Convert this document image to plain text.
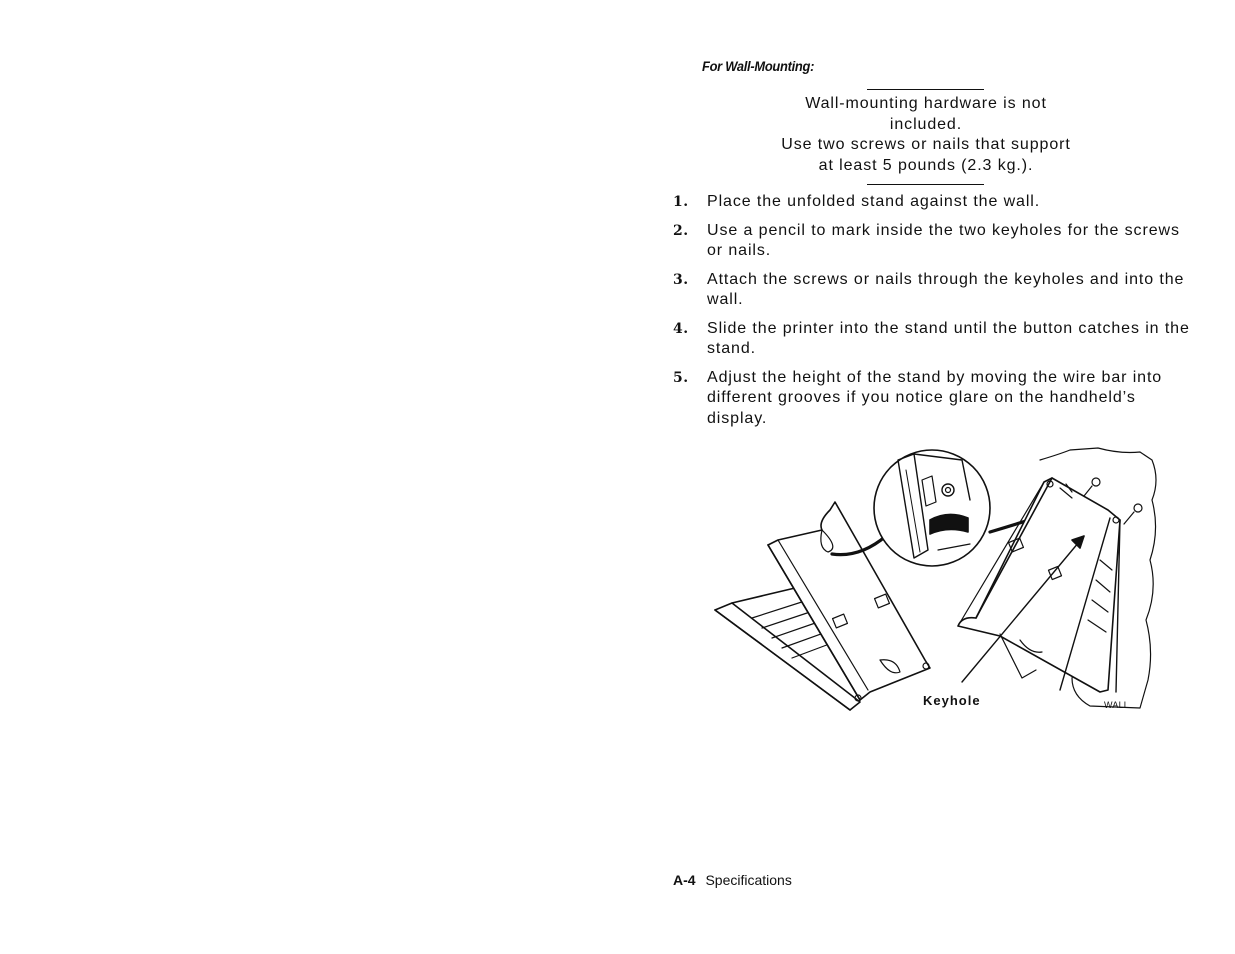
For Wall-Mounting:
Wall-mounting hardware is not
included.
Use two screws or nails that support
at least 5 pounds (2.3 kg.).
1. Place the unfolded stand against the wall.
2. Use a pencil to mark inside the two keyholes for the screws or nails.
3. Attach the screws or nails through the keyholes and into the wall.
4. Slide the printer into the stand until the button catches in the stand.
5. Adjust the height of the stand by moving the wire bar into different grooves if you notice glare on the handheld’s display.
Keyhole	WALL
A-4 Specifications
